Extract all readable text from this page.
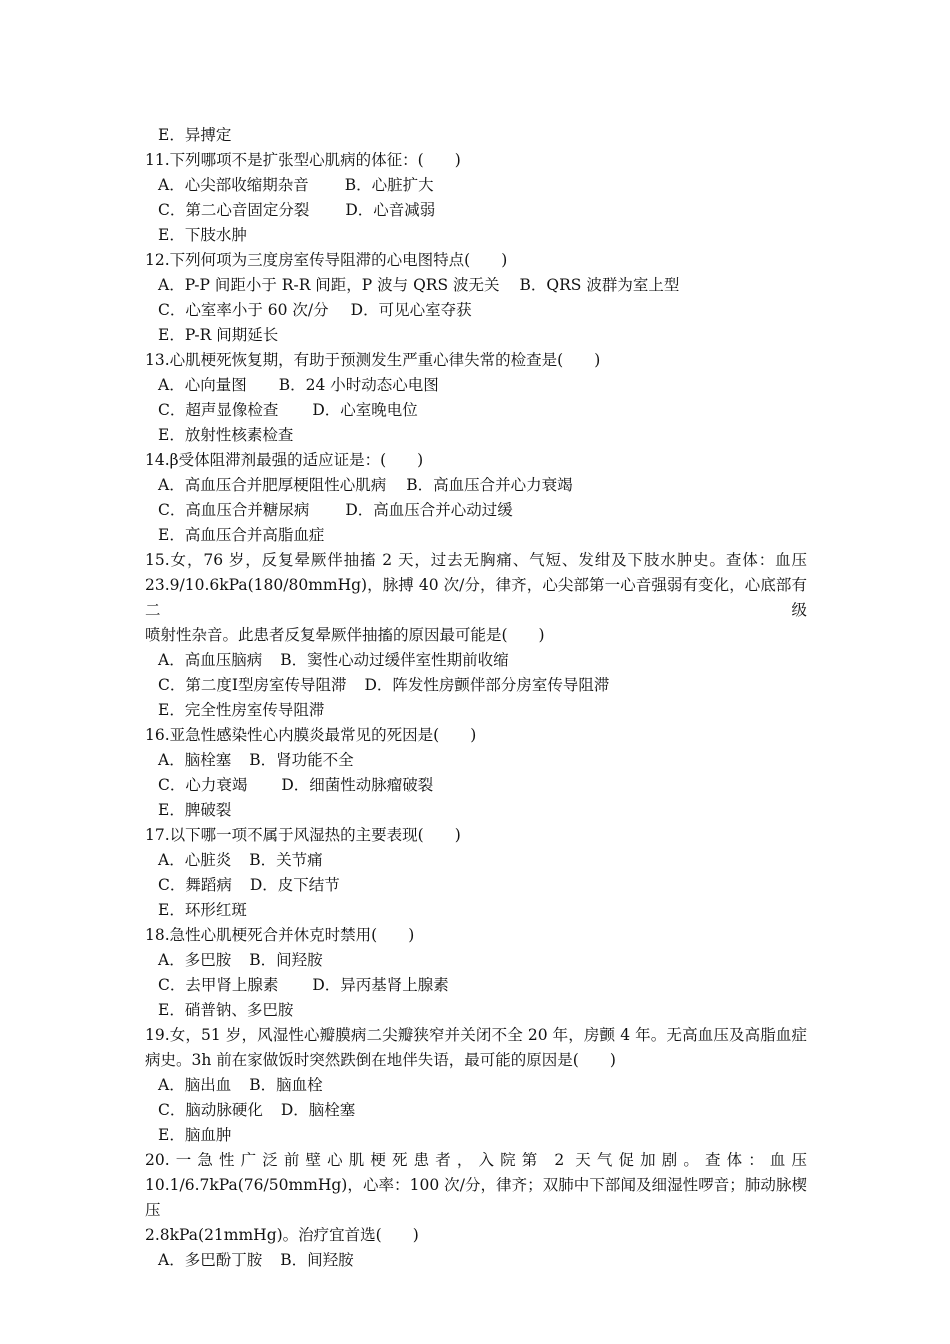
E．异搏定
11.下列哪项不是扩张型心肌病的体征：(　　)
A．心尖部收缩期杂音 B．心脏扩大
C．第二心音固定分裂 D．心音减弱
E．下肢水肿
12.下列何项为三度房室传导阻滞的心电图特点(　　)
A．P-P 间距小于 R-R 间距，P 波与 QRS 波无关 B．QRS 波群为室上型
C．心室率小于 60 次/分 D．可见心室夺获
E．P-R 间期延长
13.心肌梗死恢复期，有助于预测发生严重心律失常的检查是(　　)
A．心向量图 B．24 小时动态心电图
C．超声显像检查 D．心室晚电位
E．放射性核素检查
14.β受体阻滞剂最强的适应证是：(　　)
A．高血压合并肥厚梗阻性心肌病 B．高血压合并心力衰竭
C．高血压合并糖尿病 D．高血压合并心动过缓
E．高血压合并高脂血症
15.女，76 岁，反复晕厥伴抽搐 2 天，过去无胸痛、气短、发绀及下肢水肿史。查体：血压
23.9/10.6kPa(180/80mmHg)，脉搏 40 次/分，律齐，心尖部第一心音强弱有变化，心底部有二级
喷射性杂音。此患者反复晕厥伴抽搐的原因最可能是(　　)
A．高血压脑病 B．窦性心动过缓伴室性期前收缩
C．第二度Ⅰ型房室传导阻滞 D．阵发性房颤伴部分房室传导阻滞
E．完全性房室传导阻滞
16.亚急性感染性心内膜炎最常见的死因是(　　)
A．脑栓塞 B．肾功能不全
C．心力衰竭 D．细菌性动脉瘤破裂
E．脾破裂
17.以下哪一项不属于风湿热的主要表现(　　)
A．心脏炎 B．关节痛
C．舞蹈病 D．皮下结节
E．环形红斑
18.急性心肌梗死合并休克时禁用(　　)
A．多巴胺 B．间羟胺
C．去甲肾上腺素 D．异丙基肾上腺素
E．硝普钠、多巴胺
19.女，51 岁，风湿性心瓣膜病二尖瓣狭窄并关闭不全 20 年，房颤 4 年。无高血压及高脂血症
病史。3h 前在家做饭时突然跌倒在地伴失语，最可能的原因是(　　)
A．脑出血 B．脑血栓
C．脑动脉硬化 D．脑栓塞
E．脑血肿
20.一急性广泛前壁心肌梗死患者，入院第 2 天气促加剧。查体：血压
10.1/6.7kPa(76/50mmHg)，心率：100 次/分，律齐；双肺中下部闻及细湿性啰音；肺动脉楔压
2.8kPa(21mmHg)。治疗宜首选(　　)
A．多巴酚丁胺 B．间羟胺
